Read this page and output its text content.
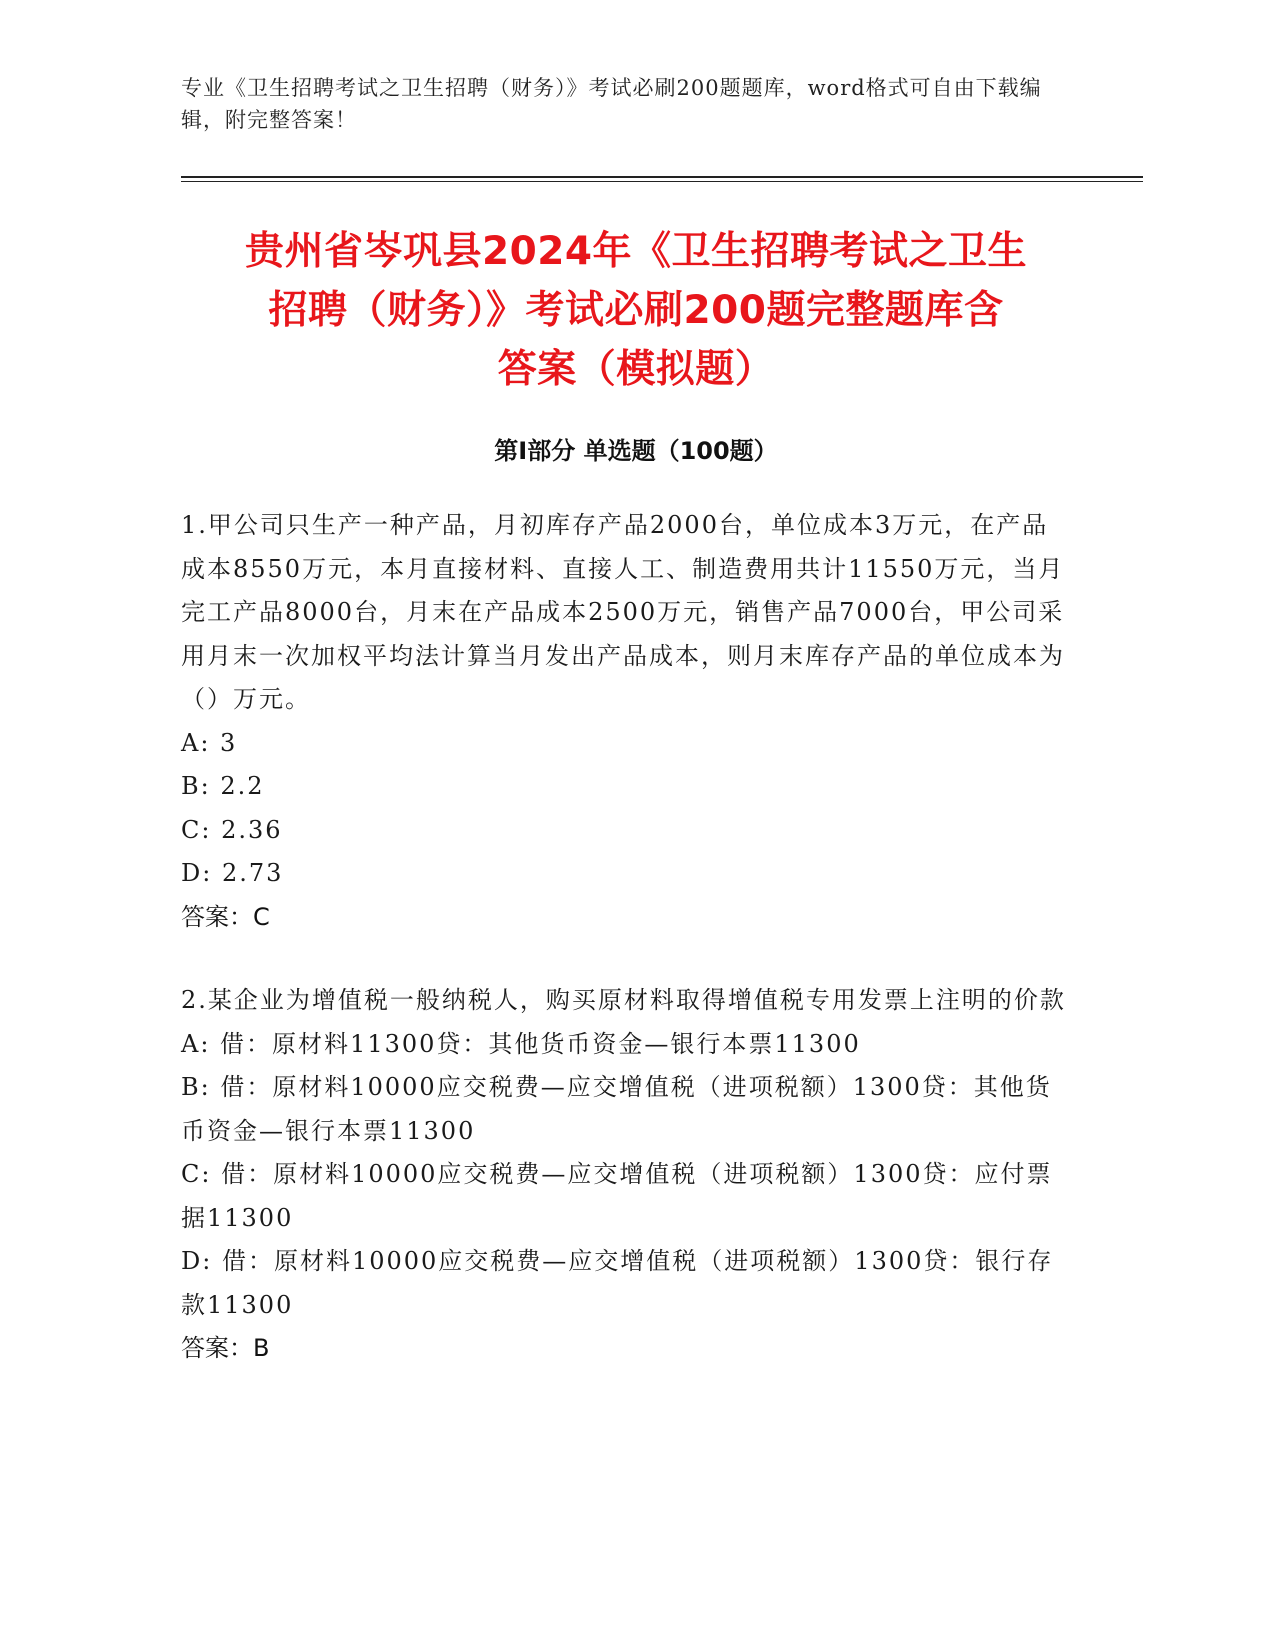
专业《卫生招聘考试之卫生招聘（财务）》考试必刷200题题库，word格式可自由下载编辑，附完整答案！
贵州省岑巩县2024年《卫生招聘考试之卫生
招聘（财务）》考试必刷200题完整题库含
答案（模拟题）
第I部分 单选题（100题）

1.甲公司只生产一种产品，月初库存产品2000台，单位成本3万元，在产品成本8550万元，本月直接材料、直接人工、制造费用共计11550万元，当月完工产品8000台，月末在产品成本2500万元，销售产品7000台，甲公司采用月末一次加权平均法计算当月发出产品成本，则月末库存产品的单位成本为（）万元。

A: 3

B: 2.2

C: 2.36

D: 2.73

答案：C

2.某企业为增值税一般纳税人，购买原材料取得增值税专用发票上注明的价款

A: 借：原材料11300贷：其他货币资金—银行本票11300

B: 借：原材料10000应交税费—应交增值税（进项税额）1300贷：其他货币资金—银行本票11300

C: 借：原材料10000应交税费—应交增值税（进项税额）1300贷：应付票据11300

D: 借：原材料10000应交税费—应交增值税（进项税额）1300贷：银行存款11300

答案：B
